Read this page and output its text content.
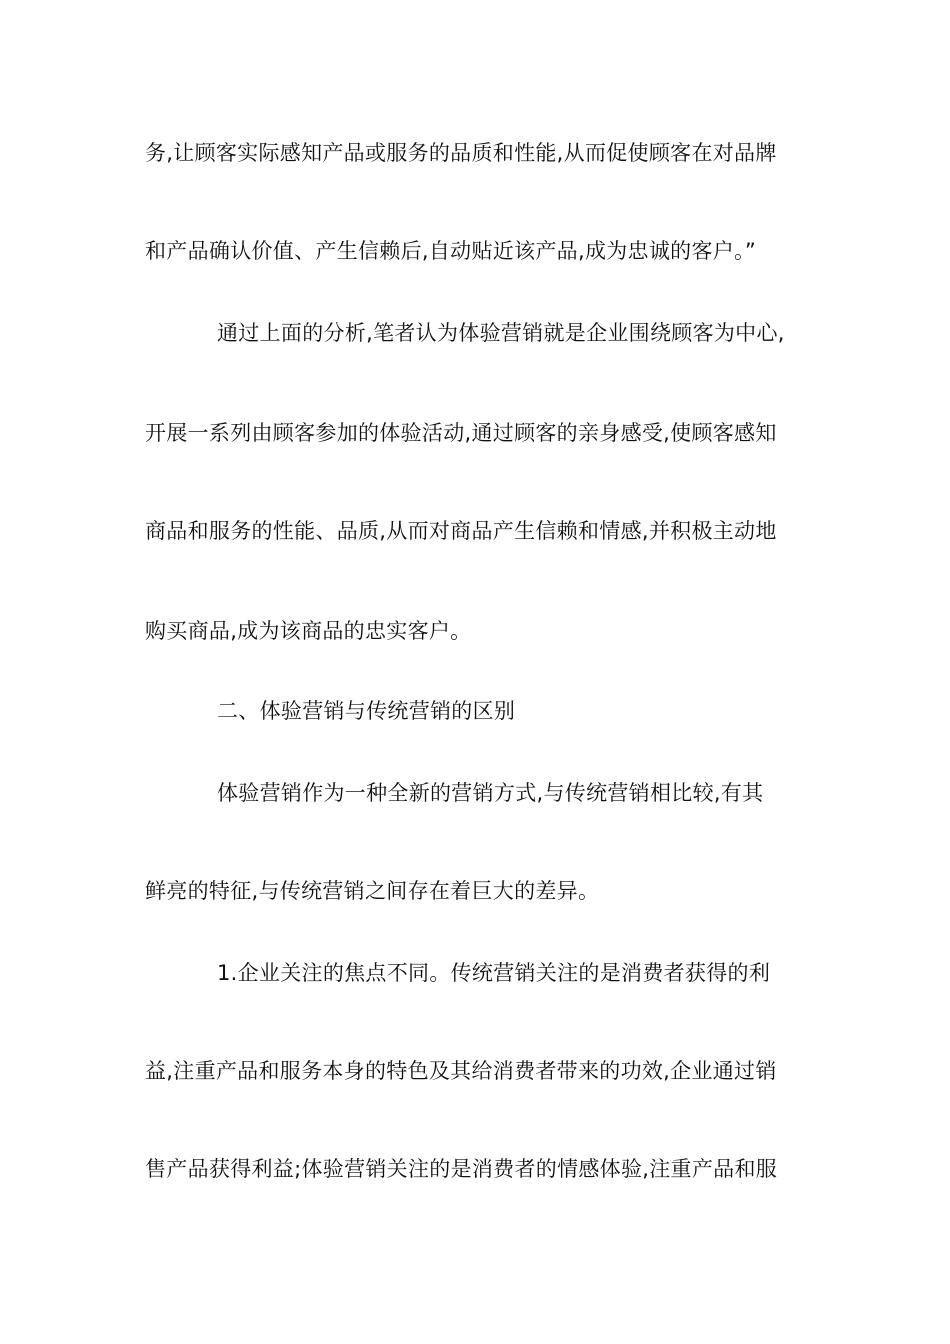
务,让顾客实际感知产品或服务的品质和性能,从而促使顾客在对品牌
和产品确认价值、产生信赖后,自动贴近该产品,成为忠诚的客户。”
通过上面的分析,笔者认为体验营销就是企业围绕顾客为中心,
开展一系列由顾客参加的体验活动,通过顾客的亲身感受,使顾客感知
商品和服务的性能、品质,从而对商品产生信赖和情感,并积极主动地
购买商品,成为该商品的忠实客户。
二、体验营销与传统营销的区别
体验营销作为一种全新的营销方式,与传统营销相比较,有其
鲜亮的特征,与传统营销之间存在着巨大的差异。
1.企业关注的焦点不同。传统营销关注的是消费者获得的利
益,注重产品和服务本身的特色及其给消费者带来的功效,企业通过销
售产品获得利益;体验营销关注的是消费者的情感体验,注重产品和服
